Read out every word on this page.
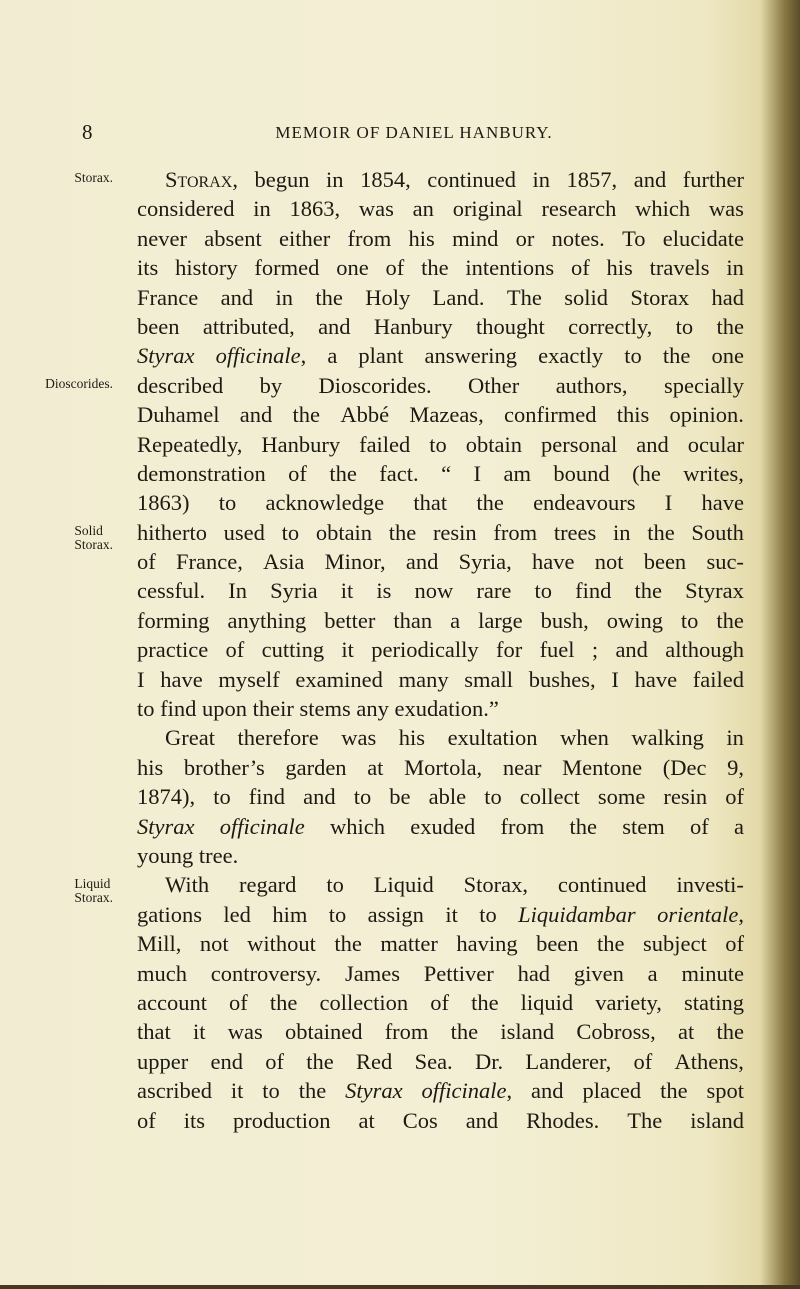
8	MEMOIR OF DANIEL HANBURY.
Storax.
Dioscorides.
Solid
Storax.
Liquid
Storax.
Storax, begun in 1854, continued in 1857, and further
considered in 1863, was an original research which was
never absent either from his mind or notes. To elucidate
its history formed one of the intentions of his travels in
France and in the Holy Land. The solid Storax had
been attributed, and Hanbury thought correctly, to the
Styrax officinale, a plant answering exactly to the one
described by Dioscorides. Other authors, specially
Duhamel and the Abbé Mazeas, confirmed this opinion.
Repeatedly, Hanbury failed to obtain personal and ocular
demonstration of the fact. “ I am bound (he writes,
1863) to acknowledge that the endeavours I have
hitherto used to obtain the resin from trees in the South
of France, Asia Minor, and Syria, have not been suc-
cessful. In Syria it is now rare to find the Styrax
forming anything better than a large bush, owing to the
practice of cutting it periodically for fuel ; and although
I have myself examined many small bushes, I have failed
to find upon their stems any exudation.”
Great therefore was his exultation when walking in
his brother’s garden at Mortola, near Mentone (Dec 9,
1874), to find and to be able to collect some resin of
Styrax officinale which exuded from the stem of a
young tree.
With regard to Liquid Storax, continued investi-
gations led him to assign it to Liquidambar orientale,
Mill, not without the matter having been the subject of
much controversy. James Pettiver had given a minute
account of the collection of the liquid variety, stating
that it was obtained from the island Cobross, at the
upper end of the Red Sea. Dr. Landerer, of Athens,
ascribed it to the Styrax officinale, and placed the spot
of its production at Cos and Rhodes. The island
